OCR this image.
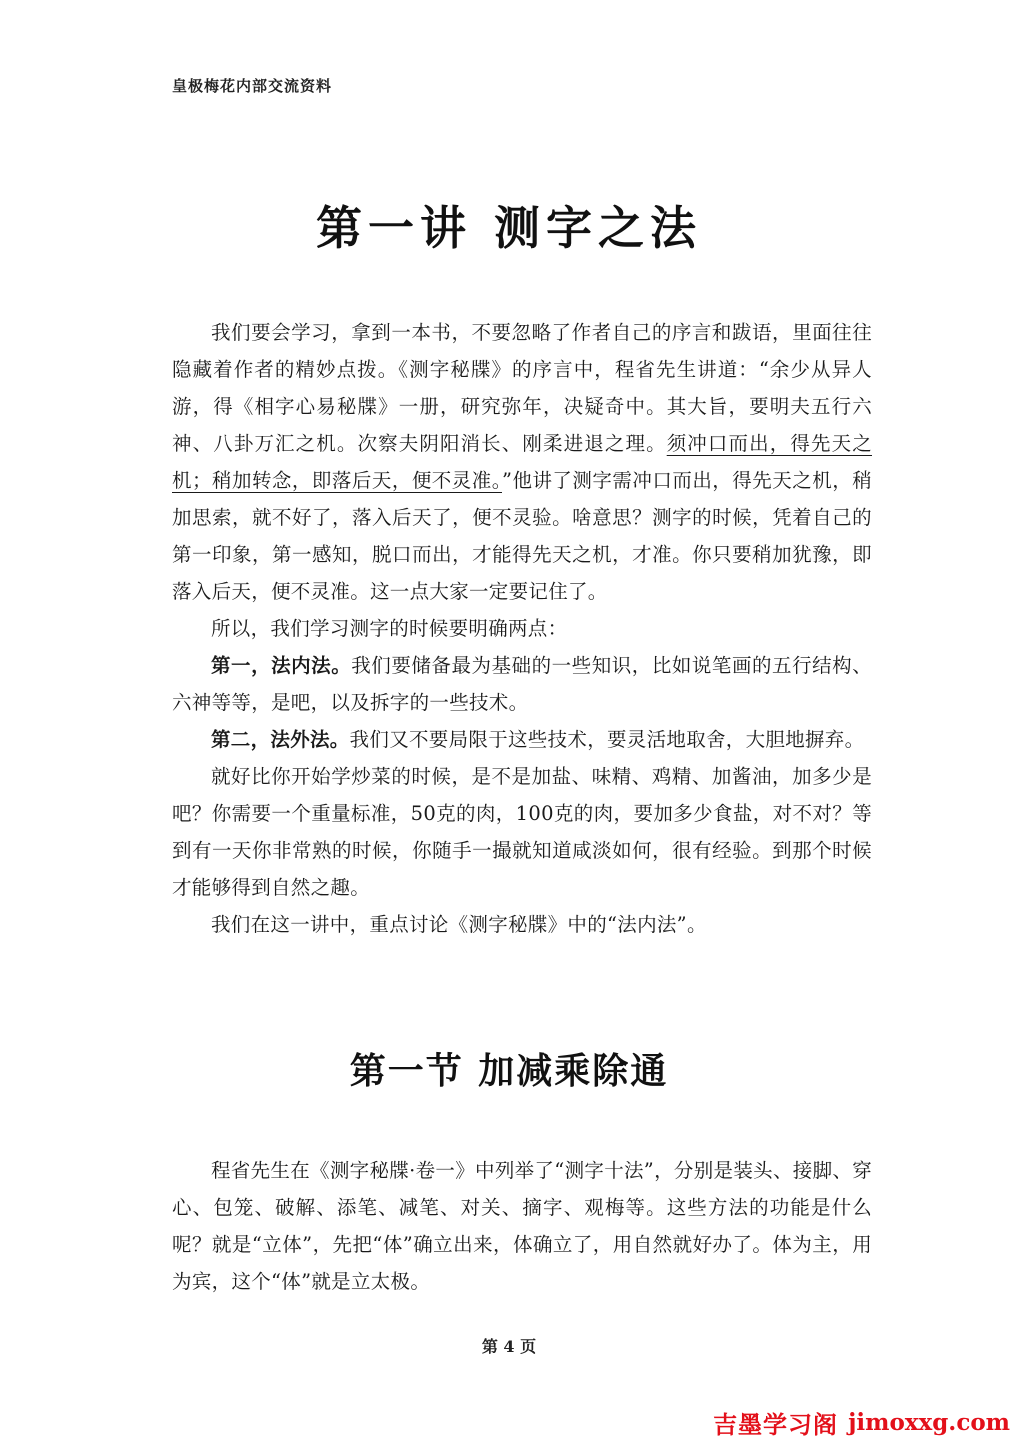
皇极梅花内部交流资料
第一讲 测字之法

我们要会学习，拿到一本书，不要忽略了作者自己的序言和跋语，里面往往隐藏着作者的精妙点拨。《测字秘牒》的序言中，程省先生讲道：“余少从异人游，得《相字心易秘牒》一册，研究弥年，决疑奇中。其大旨，要明夫五行六神、八卦万汇之机。次察夫阴阳消长、刚柔进退之理。须冲口而出，得先天之机；稍加转念，即落后天，便不灵准。”他讲了测字需冲口而出，得先天之机，稍加思索，就不好了，落入后天了，便不灵验。啥意思？测字的时候，凭着自己的第一印象，第一感知，脱口而出，才能得先天之机，才准。你只要稍加犹豫，即落入后天，便不灵准。这一点大家一定要记住了。

所以，我们学习测字的时候要明确两点：

第一，法内法。我们要储备最为基础的一些知识，比如说笔画的五行结构、六神等等，是吧，以及拆字的一些技术。

第二，法外法。我们又不要局限于这些技术，要灵活地取舍，大胆地摒弃。

就好比你开始学炒菜的时候，是不是加盐、味精、鸡精、加酱油，加多少是吧？你需要一个重量标准，50克的肉，100克的肉，要加多少食盐，对不对？等到有一天你非常熟的时候，你随手一撮就知道咸淡如何，很有经验。到那个时候才能够得到自然之趣。

我们在这一讲中，重点讨论《测字秘牒》中的“法内法”。

第一节 加减乘除通

程省先生在《测字秘牒·卷一》中列举了“测字十法”，分别是装头、接脚、穿心、包笼、破解、添笔、减笔、对关、摘字、观梅等。这些方法的功能是什么呢？就是“立体”，先把“体”确立出来，体确立了，用自然就好办了。体为主，用为宾，这个“体”就是立太极。

第 4 页
吉墨学习阁 jimoxxg.com
